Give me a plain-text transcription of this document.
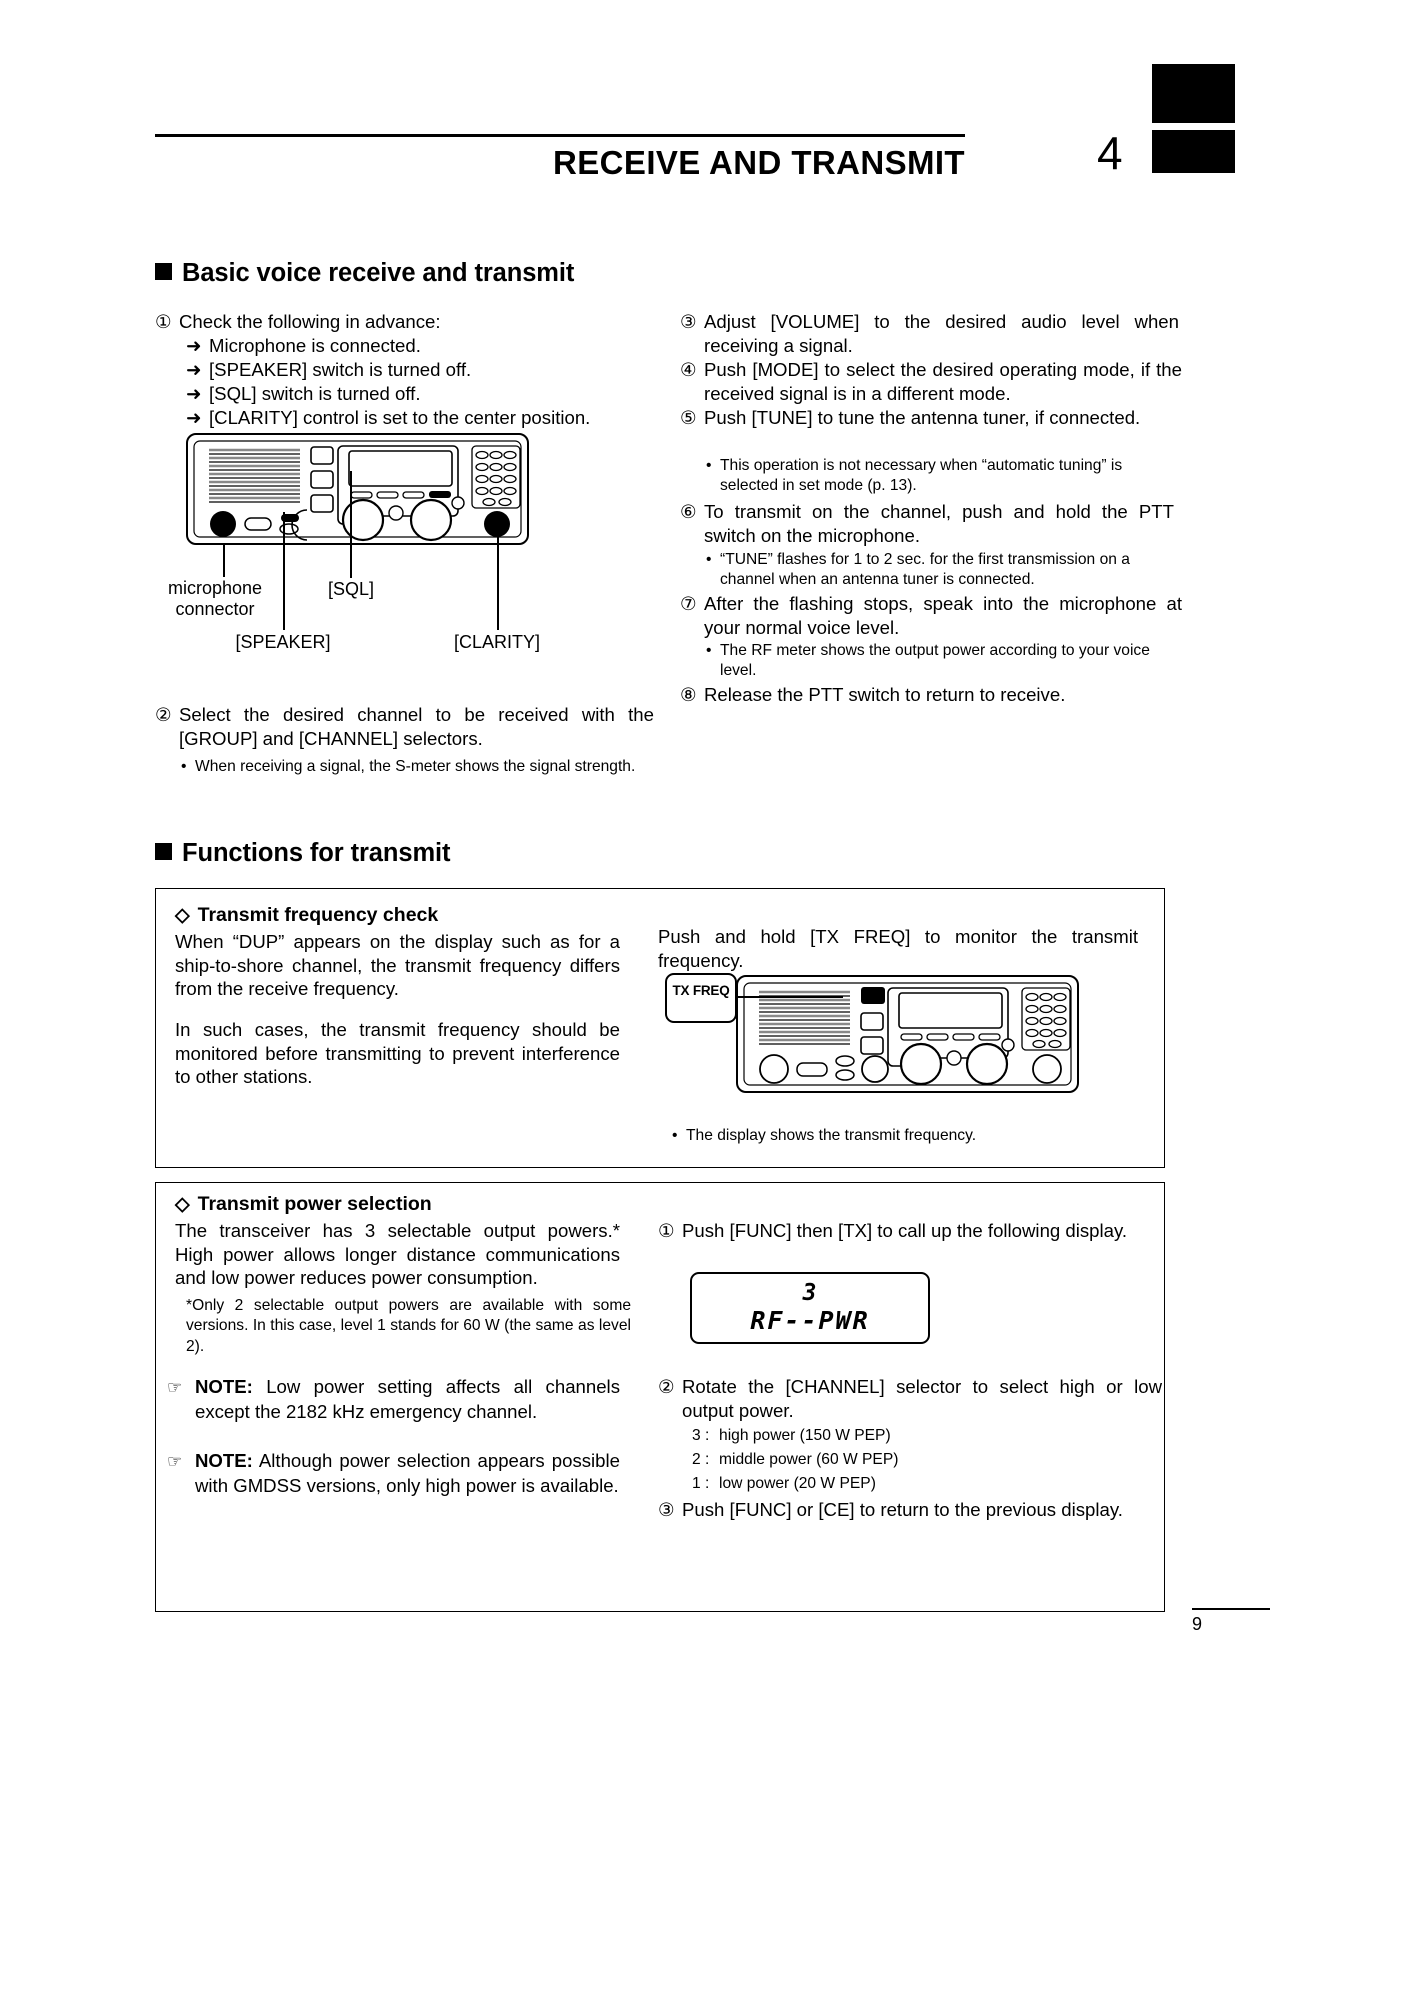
RECEIVE AND TRANSMIT	4
Basic voice receive and transmit
① Check the following in advance:
➜ Microphone is connected.
➜ [SPEAKER] switch is turned off.
➜ [SQL] switch is turned off.
➜ [CLARITY] control is set to the center position.
microphone connector
[SQL]
[SPEAKER]	[CLARITY]
② Select the desired channel to be received with the [GROUP] and [CHANNEL] selectors.
• When receiving a signal, the S-meter shows the signal strength.
③ Adjust [VOLUME] to the desired audio level when receiving a signal.
④ Push [MODE] to select the desired operating mode, if the received signal is in a different mode.
⑤ Push [TUNE] to tune the antenna tuner, if connected.
• This operation is not necessary when “automatic tuning” is selected in set mode (p. 13).
⑥ To transmit on the channel, push and hold the PTT switch on the microphone.
• “TUNE” flashes for 1 to 2 sec. for the first transmission on a channel when an antenna tuner is connected.
⑦ After the flashing stops, speak into the microphone at your normal voice level.
• The RF meter shows the output power according to your voice level.
⑧ Release the PTT switch to return to receive.
Functions for transmit
◇ Transmit frequency check
When “DUP” appears on the display such as for a ship-to-shore channel, the transmit frequency differs from the receive frequency.
In such cases, the transmit frequency should be monitored before transmitting to prevent interference to other stations.
Push and hold [TX FREQ] to monitor the transmit frequency.
TX FREQ
• The display shows the transmit frequency.
◇ Transmit power selection
The transceiver has 3 selectable output powers.* High power allows longer distance communications and low power reduces power consumption.
*Only 2 selectable output powers are available with some versions. In this case, level 1 stands for 60 W (the same as level 2).
☞ NOTE: Low power setting affects all channels except the 2182 kHz emergency channel.
☞ NOTE: Although power selection appears possible with GMDSS versions, only high power is available.
① Push [FUNC] then [TX] to call up the following display.
3
RF--PWR
② Rotate the [CHANNEL] selector to select high or low output power.
3 : high power (150 W PEP)
2 : middle power (60 W PEP)
1 : low power (20 W PEP)
③ Push [FUNC] or [CE] to return to the previous display.
9
